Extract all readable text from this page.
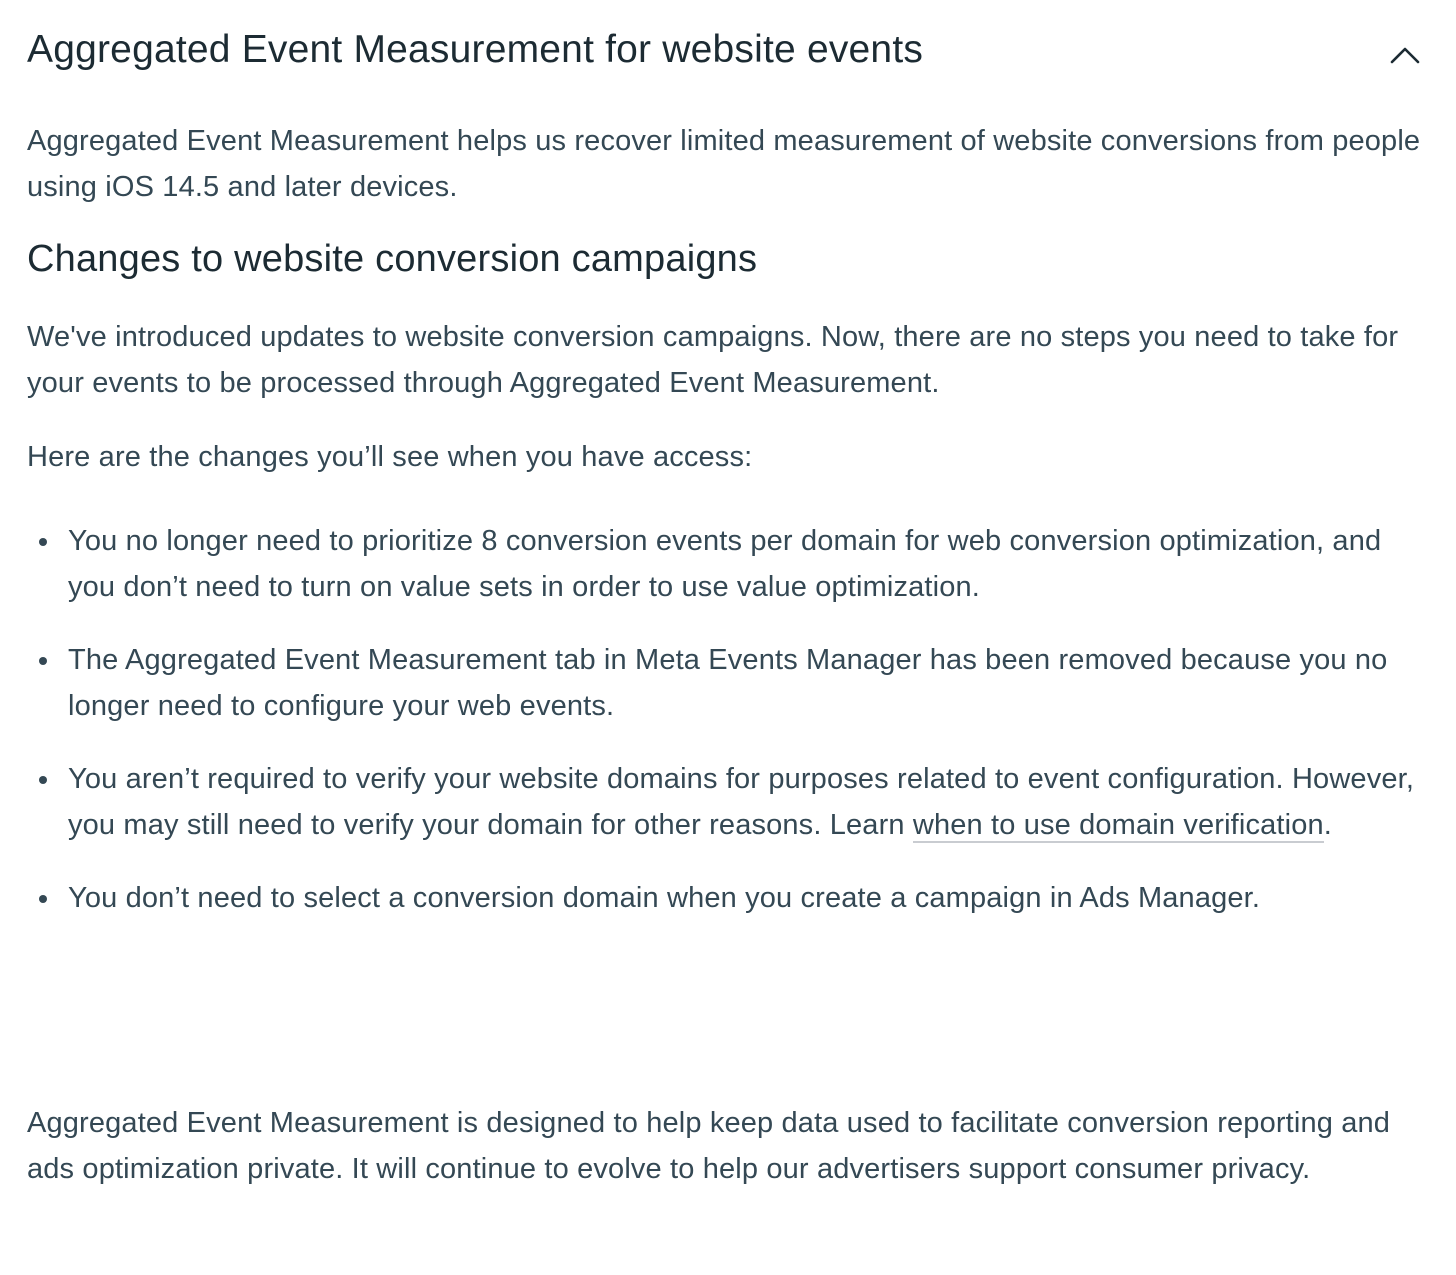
Aggregated Event Measurement for website events

Aggregated Event Measurement helps us recover limited measurement of website conversions from people using iOS 14.5 and later devices.

Changes to website conversion campaigns

We've introduced updates to website conversion campaigns. Now, there are no steps you need to take for your events to be processed through Aggregated Event Measurement.

Here are the changes you’ll see when you have access:

You no longer need to prioritize 8 conversion events per domain for web conversion optimization, and you don’t need to turn on value sets in order to use value optimization.
The Aggregated Event Measurement tab in Meta Events Manager has been removed because you no longer need to configure your web events.
You aren’t required to verify your website domains for purposes related to event configuration. However, you may still need to verify your domain for other reasons. Learn when to use domain verification.
You don’t need to select a conversion domain when you create a campaign in Ads Manager.

Aggregated Event Measurement is designed to help keep data used to facilitate conversion reporting and ads optimization private. It will continue to evolve to help our advertisers support consumer privacy.
